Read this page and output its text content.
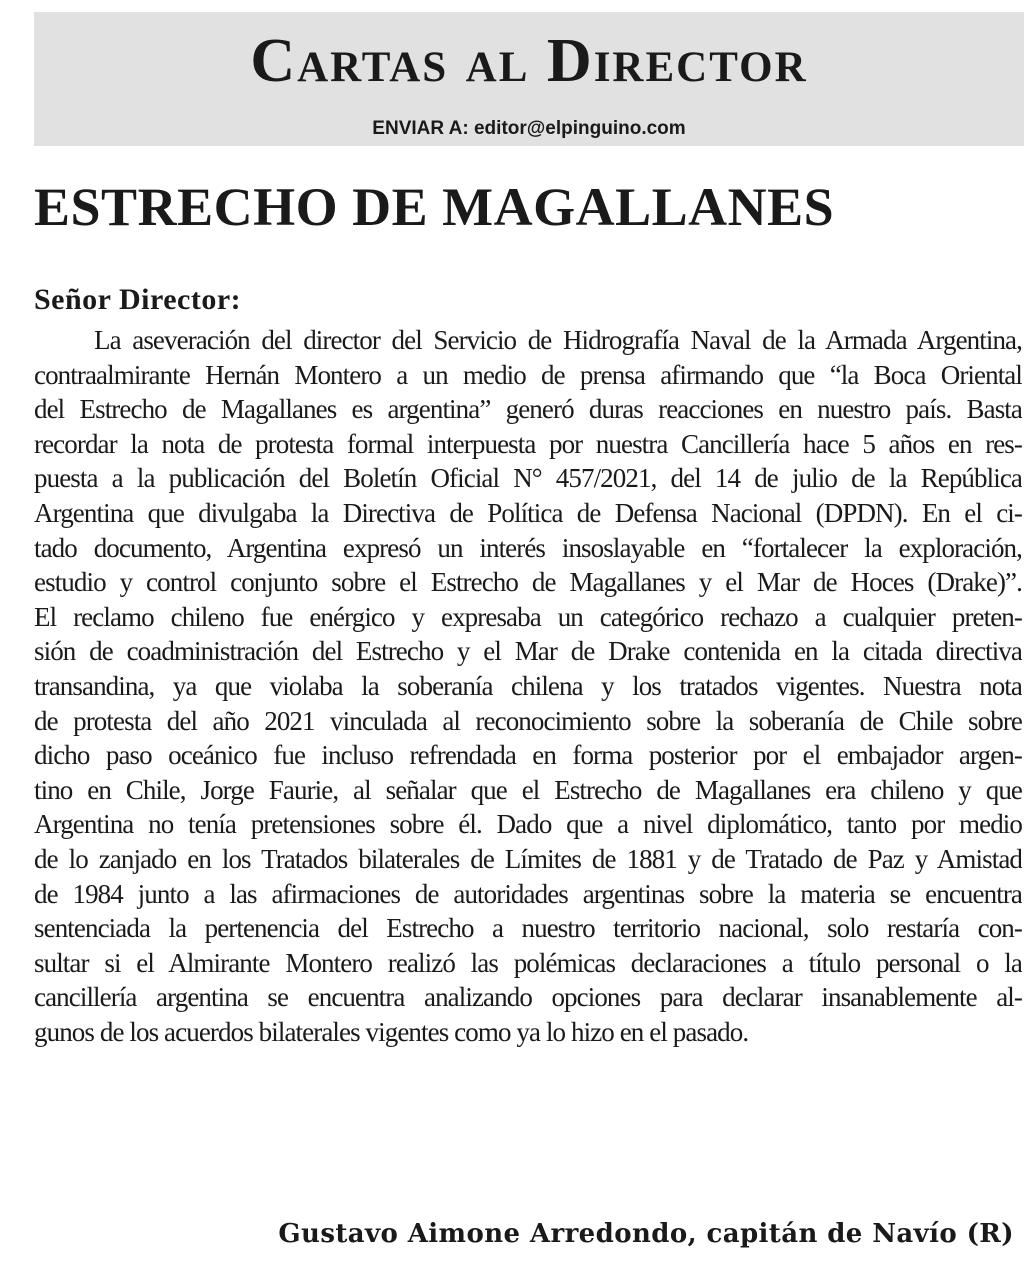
Cartas al Director
ENVIAR A: editor@elpinguino.com
ESTRECHO DE MAGALLANES
Señor Director:
La aseveración del director del Servicio de Hidrografía Naval de la Armada Argentina,
contraalmirante Hernán Montero a un medio de prensa afirmando que “la Boca Oriental
del Estrecho de Magallanes es argentina” generó duras reacciones en nuestro país. Basta
recordar la nota de protesta formal interpuesta por nuestra Cancillería hace 5 años en res-
puesta a la publicación del Boletín Oficial N° 457/2021, del 14 de julio de la República
Argentina que divulgaba la Directiva de Política de Defensa Nacional (DPDN). En el ci-
tado documento, Argentina expresó un interés insoslayable en “fortalecer la exploración,
estudio y control conjunto sobre el Estrecho de Magallanes y el Mar de Hoces (Drake)”.
El reclamo chileno fue enérgico y expresaba un categórico rechazo a cualquier preten-
sión de coadministración del Estrecho y el Mar de Drake contenida en la citada directiva
transandina, ya que violaba la soberanía chilena y los tratados vigentes. Nuestra nota
de protesta del año 2021 vinculada al reconocimiento sobre la soberanía de Chile sobre
dicho paso oceánico fue incluso refrendada en forma posterior por el embajador argen-
tino en Chile, Jorge Faurie, al señalar que el Estrecho de Magallanes era chileno y que
Argentina no tenía pretensiones sobre él. Dado que a nivel diplomático, tanto por medio
de lo zanjado en los Tratados bilaterales de Límites de 1881 y de Tratado de Paz y Amistad
de 1984 junto a las afirmaciones de autoridades argentinas sobre la materia se encuentra
sentenciada la pertenencia del Estrecho a nuestro territorio nacional, solo restaría con-
sultar si el Almirante Montero realizó las polémicas declaraciones a título personal o la
cancillería argentina se encuentra analizando opciones para declarar insanablemente al-
gunos de los acuerdos bilaterales vigentes como ya lo hizo en el pasado.
Gustavo Aimone Arredondo, capitán de Navío (R)
